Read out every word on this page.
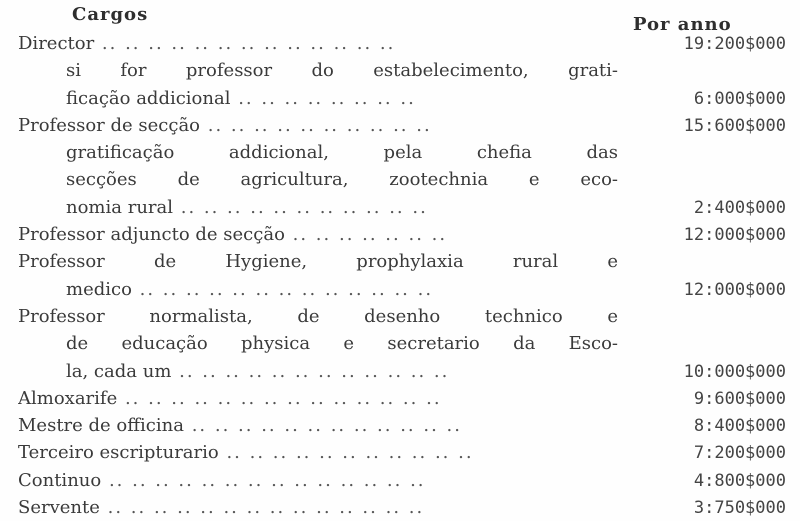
Cargos	Por anno
Director .. .. .. .. .. .. .. .. .. .. .. .. ..	19:200$000
si for professor do estabelecimento, grati-
ficação addicional .. .. .. .. .. .. .. ..	6:000$000
Professor de secção .. .. .. .. .. .. .. .. .. ..	15:600$000
gratificação addicional, pela chefia das
secções de agricultura, zootechnia e eco-
nomia rural .. .. .. .. .. .. .. .. .. .. ..	2:400$000
Professor adjuncto de secção .. .. .. .. .. .. ..	12:000$000
Professor de Hygiene, prophylaxia rural e
medico .. .. .. .. .. .. .. .. .. .. .. .. ..	12:000$000
Professor normalista, de desenho technico e
de educação physica e secretario da Esco-
la, cada um .. .. .. .. .. .. .. .. .. .. .. ..	10:000$000
Almoxarife .. .. .. .. .. .. .. .. .. .. .. .. .. ..	9:600$000
Mestre de officina .. .. .. .. .. .. .. .. .. .. .. ..	8:400$000
Terceiro escripturario .. .. .. .. .. .. .. .. .. .. ..	7:200$000
Continuo .. .. .. .. .. .. .. .. .. .. .. .. .. ..	4:800$000
Servente .. .. .. .. .. .. .. .. .. .. .. .. .. ..	3:750$000
